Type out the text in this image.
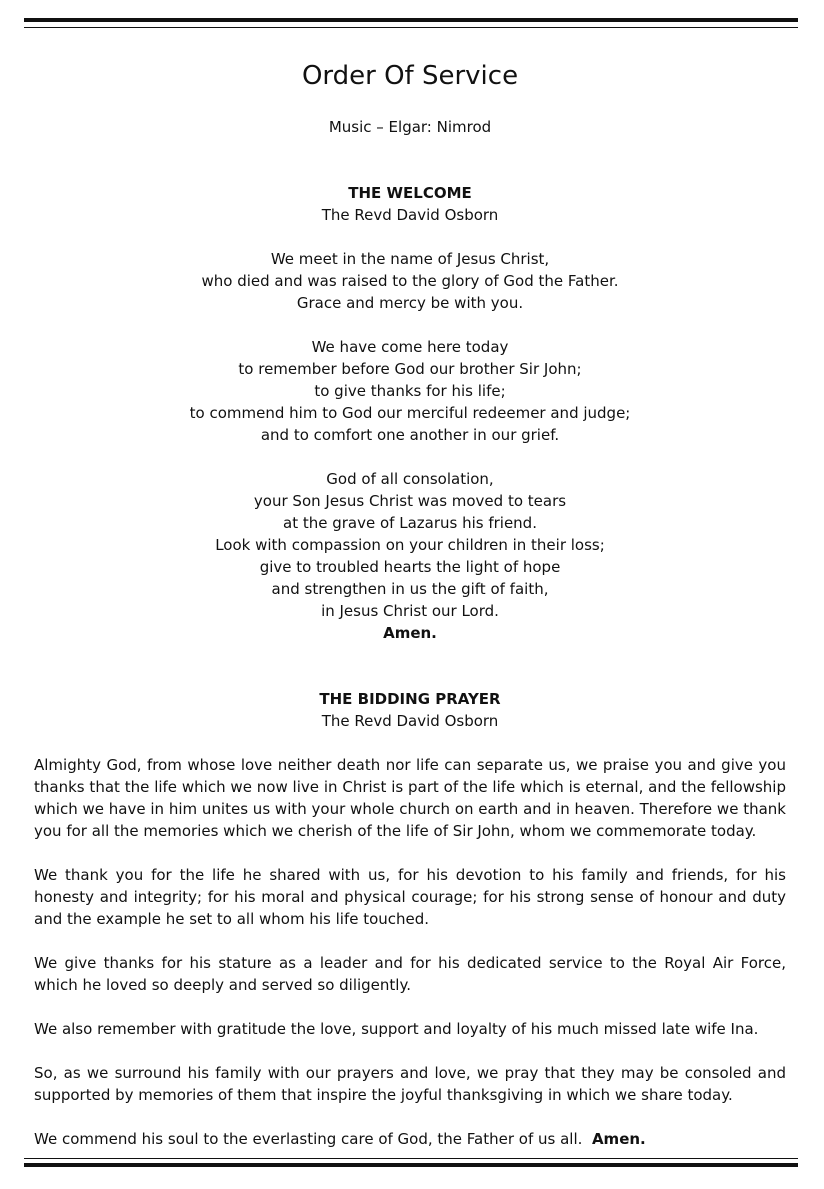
Order Of Service
Music – Elgar: Nimrod
THE WELCOME
The Revd David Osborn
We meet in the name of Jesus Christ,
who died and was raised to the glory of God the Father.
Grace and mercy be with you.
We have come here today
to remember before God our brother Sir John;
to give thanks for his life;
to commend him to God our merciful redeemer and judge;
and to comfort one another in our grief.
God of all consolation,
your Son Jesus Christ was moved to tears
at the grave of Lazarus his friend.
Look with compassion on your children in their loss;
give to troubled hearts the light of hope
and strengthen in us the gift of faith,
in Jesus Christ our Lord.
Amen.
THE BIDDING PRAYER
The Revd David Osborn

Almighty God, from whose love neither death nor life can separate us, we praise you and give you thanks that the life which we now live in Christ is part of the life which is eternal, and the fellowship which we have in him unites us with your whole church on earth and in heaven. Therefore we thank you for all the memories which we cherish of the life of Sir John, whom we commemorate today.

We thank you for the life he shared with us, for his devotion to his family and friends, for his honesty and integrity; for his moral and physical courage; for his strong sense of honour and duty and the example he set to all whom his life touched.

We give thanks for his stature as a leader and for his dedicated service to the Royal Air Force, which he loved so deeply and served so diligently.

We also remember with gratitude the love, support and loyalty of his much missed late wife Ina.

So, as we surround his family with our prayers and love, we pray that they may be consoled and supported by memories of them that inspire the joyful thanksgiving in which we share today.

We commend his soul to the everlasting care of God, the Father of us all. Amen.
